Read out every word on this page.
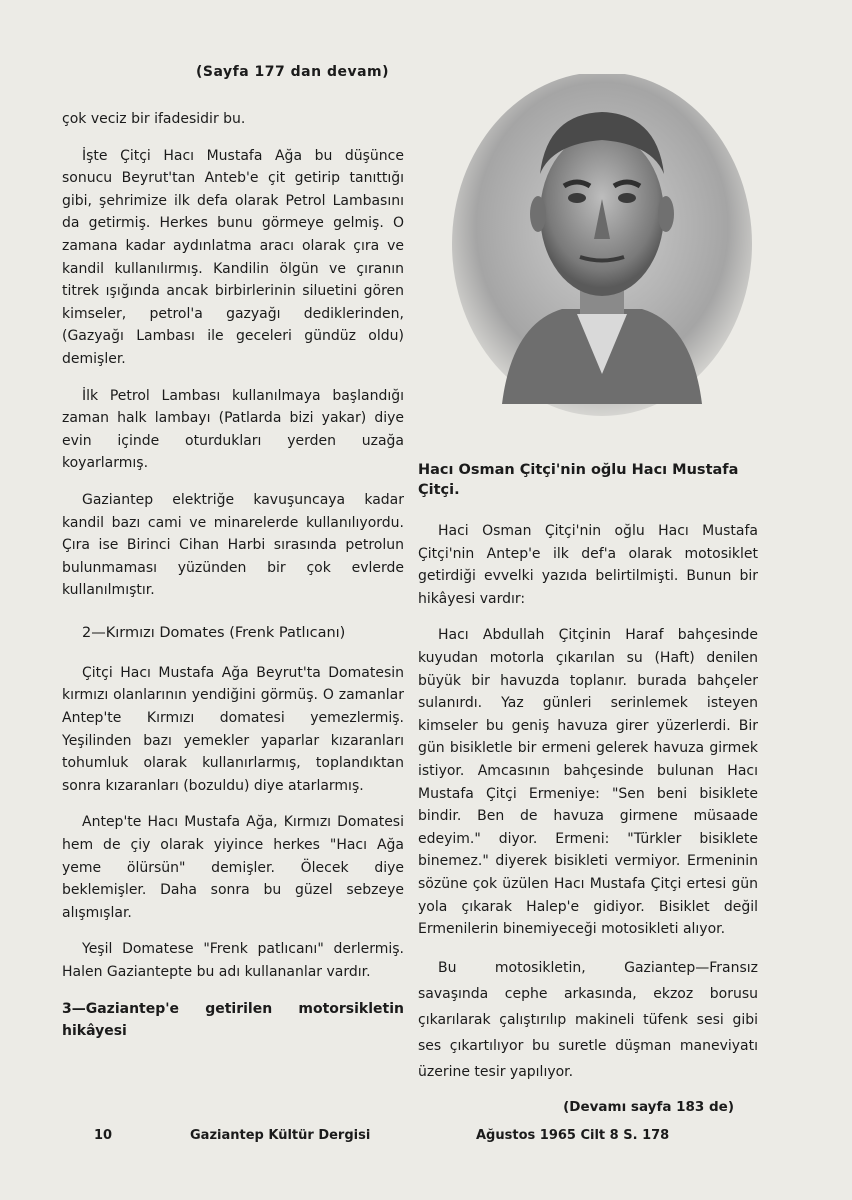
(Sayfa 177 dan devam)

çok veciz bir ifadesidir bu.

İşte Çitçi Hacı Mustafa Ağa bu düşünce sonucu Beyrut'tan Anteb'e çit getirip tanıttığı gibi, şehrimize ilk defa olarak Petrol Lambasını da getirmiş. Herkes bunu görmeye gelmiş. O zamana kadar aydınlatma aracı olarak çıra ve kandil kullanılırmış. Kandilin ölgün ve çıranın titrek ışığında ancak birbirlerinin siluetini gören kimseler, petrol'a gazyağı dediklerinden, (Gazyağı Lambası ile geceleri gündüz oldu) demişler.

İlk Petrol Lambası kullanılmaya başlandığı zaman halk lambayı (Patlarda bizi yakar) diye evin içinde oturdukları yerden uzağa koyarlarmış.

Gaziantep elektriğe kavuşuncaya kadar kandil bazı cami ve minarelerde kullanılıyordu. Çıra ise Birinci Cihan Harbi sırasında petrolun bulunmaması yüzünden bir çok evlerde kullanılmıştır.

2—Kırmızı Domates (Frenk Patlıcanı)

Çitçi Hacı Mustafa Ağa Beyrut'ta Domatesin kırmızı olanlarının yendiğini görmüş. O zamanlar Antep'te Kırmızı domatesi yemezlermiş. Yeşilinden bazı yemekler yaparlar kızaranları tohumluk olarak kullanırlarmış, toplandıktan sonra kızaranları (bozuldu) diye atarlarmış.

Antep'te Hacı Mustafa Ağa, Kırmızı Domatesi hem de çiy olarak yiyince herkes "Hacı Ağa yeme ölürsün" demişler. Ölecek diye beklemişler. Daha sonra bu güzel sebzeye alışmışlar.

Yeşil Domatese "Frenk patlıcanı" derlermiş. Halen Gaziantepte bu adı kullananlar vardır.

3—Gaziantep'e getirilen motorsikletin hikâyesi

Hacı Osman Çitçi'nin oğlu Hacı Mustafa Çitçi.

Haci Osman Çitçi'nin oğlu Hacı Mustafa Çitçi'nin Antep'e ilk def'a olarak motosiklet getirdiği evvelki yazıda belirtilmişti. Bunun bir hikâyesi vardır:

Hacı Abdullah Çitçinin Haraf bahçesinde kuyudan motorla çıkarılan su (Haft) denilen büyük bir havuzda toplanır. burada bahçeler sulanırdı. Yaz günleri serinlemek isteyen kimseler bu geniş havuza girer yüzerlerdi. Bir gün bisikletle bir ermeni gelerek havuza girmek istiyor. Amcasının bahçesinde bulunan Hacı Mustafa Çitçi Ermeniye: "Sen beni bisiklete bindir. Ben de havuza girmene müsaade edeyim." diyor. Ermeni: "Türkler bisiklete binemez." diyerek bisikleti vermiyor. Ermeninin sözüne çok üzülen Hacı Mustafa Çitçi ertesi gün yola çıkarak Halep'e gidiyor. Bisiklet değil Ermenilerin binemiyeceği motosikleti alıyor.

Bu motosikletin, Gaziantep—Fransız savaşında cephe arkasında, ekzoz borusu çıkarılarak çalıştırılıp makineli tüfenk sesi gibi ses çıkartılıyor bu suretle düşman maneviyatı üzerine tesir yapılıyor.

(Devamı sayfa 183 de)
10	Gaziantep Kültür Dergisi	Ağustos 1965 Cilt 8 S. 178
